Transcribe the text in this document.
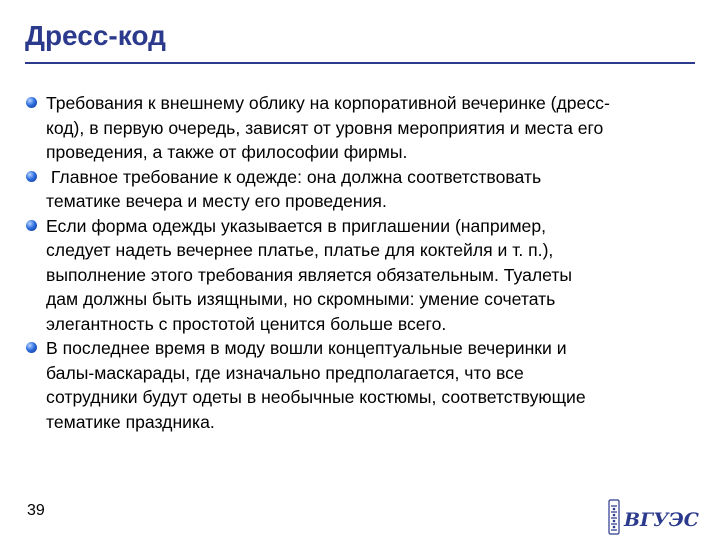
Дресс-код
Требования к внешнему облику на корпоративной вечеринке (дресс-
код), в первую очередь, зависят от уровня мероприятия и места его
проведения, а также от философии фирмы.
Главное требование к одежде: она должна соответствовать
тематике вечера и месту его проведения.
Если форма одежды указывается в приглашении (например,
следует надеть вечернее платье, платье для коктейля и т. п.),
выполнение этого требования является обязательным. Туалеты
дам должны быть изящными, но скромными: умение сочетать
элегантность с простотой ценится больше всего.
В последнее время в моду вошли концептуальные вечеринки и
балы-маскарады, где изначально предполагается, что все
сотрудники будут одеты в необычные костюмы, соответствующие
тематике праздника.
39	ВГУЭС
